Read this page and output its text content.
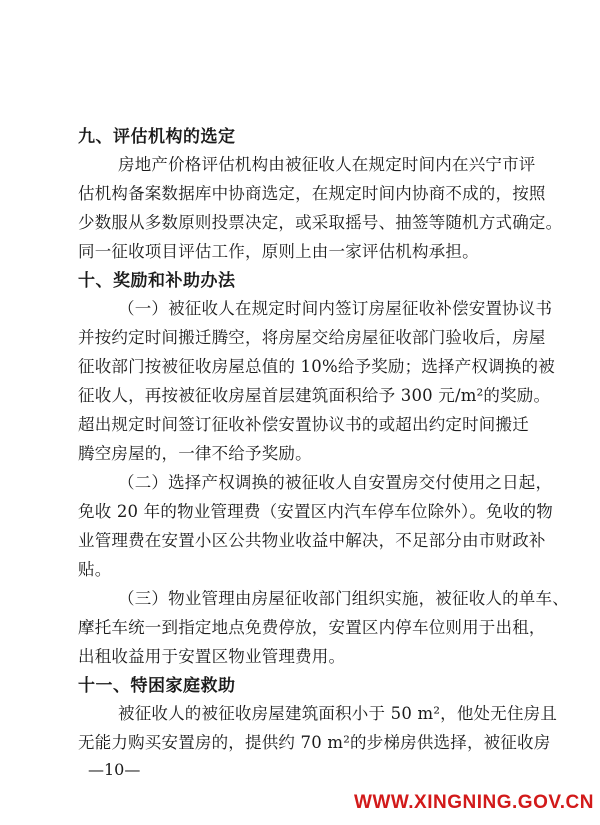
九、评估机构的选定
房地产价格评估机构由被征收人在规定时间内在兴宁市评
估机构备案数据库中协商选定，在规定时间内协商不成的，按照
少数服从多数原则投票决定，或采取摇号、抽签等随机方式确定。
同一征收项目评估工作，原则上由一家评估机构承担。
十、奖励和补助办法
（一）被征收人在规定时间内签订房屋征收补偿安置协议书
并按约定时间搬迁腾空，将房屋交给房屋征收部门验收后，房屋
征收部门按被征收房屋总值的 10%给予奖励；选择产权调换的被
征收人，再按被征收房屋首层建筑面积给予 300 元/m²的奖励。
超出规定时间签订征收补偿安置协议书的或超出约定时间搬迁
腾空房屋的，一律不给予奖励。
（二）选择产权调换的被征收人自安置房交付使用之日起，
免收 20 年的物业管理费（安置区内汽车停车位除外）。免收的物
业管理费在安置小区公共物业收益中解决，不足部分由市财政补
贴。
（三）物业管理由房屋征收部门组织实施，被征收人的单车、
摩托车统一到指定地点免费停放，安置区内停车位则用于出租，
出租收益用于安置区物业管理费用。
十一、特困家庭救助
被征收人的被征收房屋建筑面积小于 50 m²，他处无住房且
无能力购买安置房的，提供约 70 m²的步梯房供选择，被征收房
—10—
WWW.XINGNING.GOV.CN
